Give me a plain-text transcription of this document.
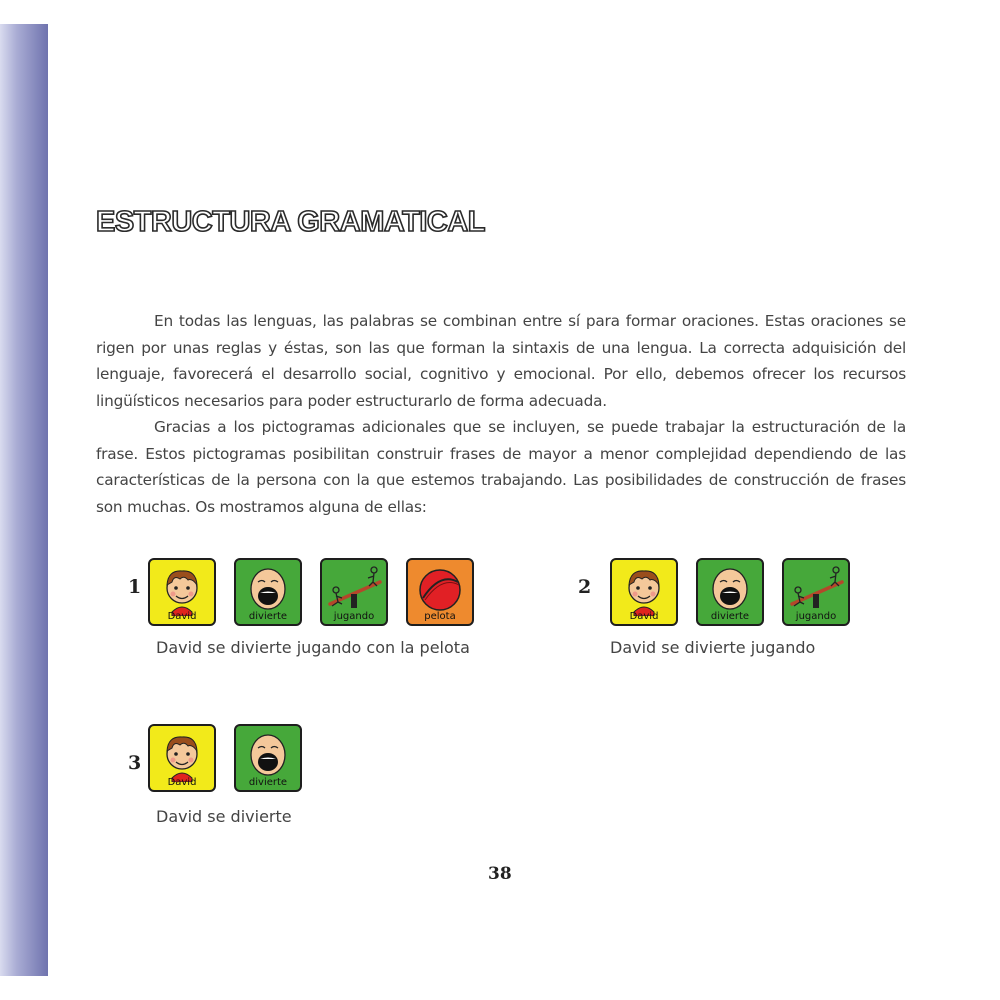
ESTRUCTURA GRAMATICAL

En todas las lenguas, las palabras se combinan entre sí para formar oraciones. Estas oraciones se rigen por unas reglas y éstas, son las que forman la sintaxis de una lengua. La correcta adquisición del lenguaje, favorecerá el desarrollo social, cognitivo y emocional. Por ello, debemos ofrecer los recursos lingüísticos necesarios para poder estructurarlo de forma adecuada.

Gracias a los pictogramas adicionales que se incluyen, se puede trabajar la estructuración de la frase. Estos pictogramas posibilitan construir frases de mayor a menor complejidad dependiendo de las características de la persona con la que estemos trabajando. Las posibilidades de construcción de frases son muchas. Os mostramos alguna de ellas:

1
David	divierte	jugando	pelota
David se divierte jugando con la pelota
2
David	divierte	jugando
David se divierte jugando
3
David	divierte
David se divierte
38
